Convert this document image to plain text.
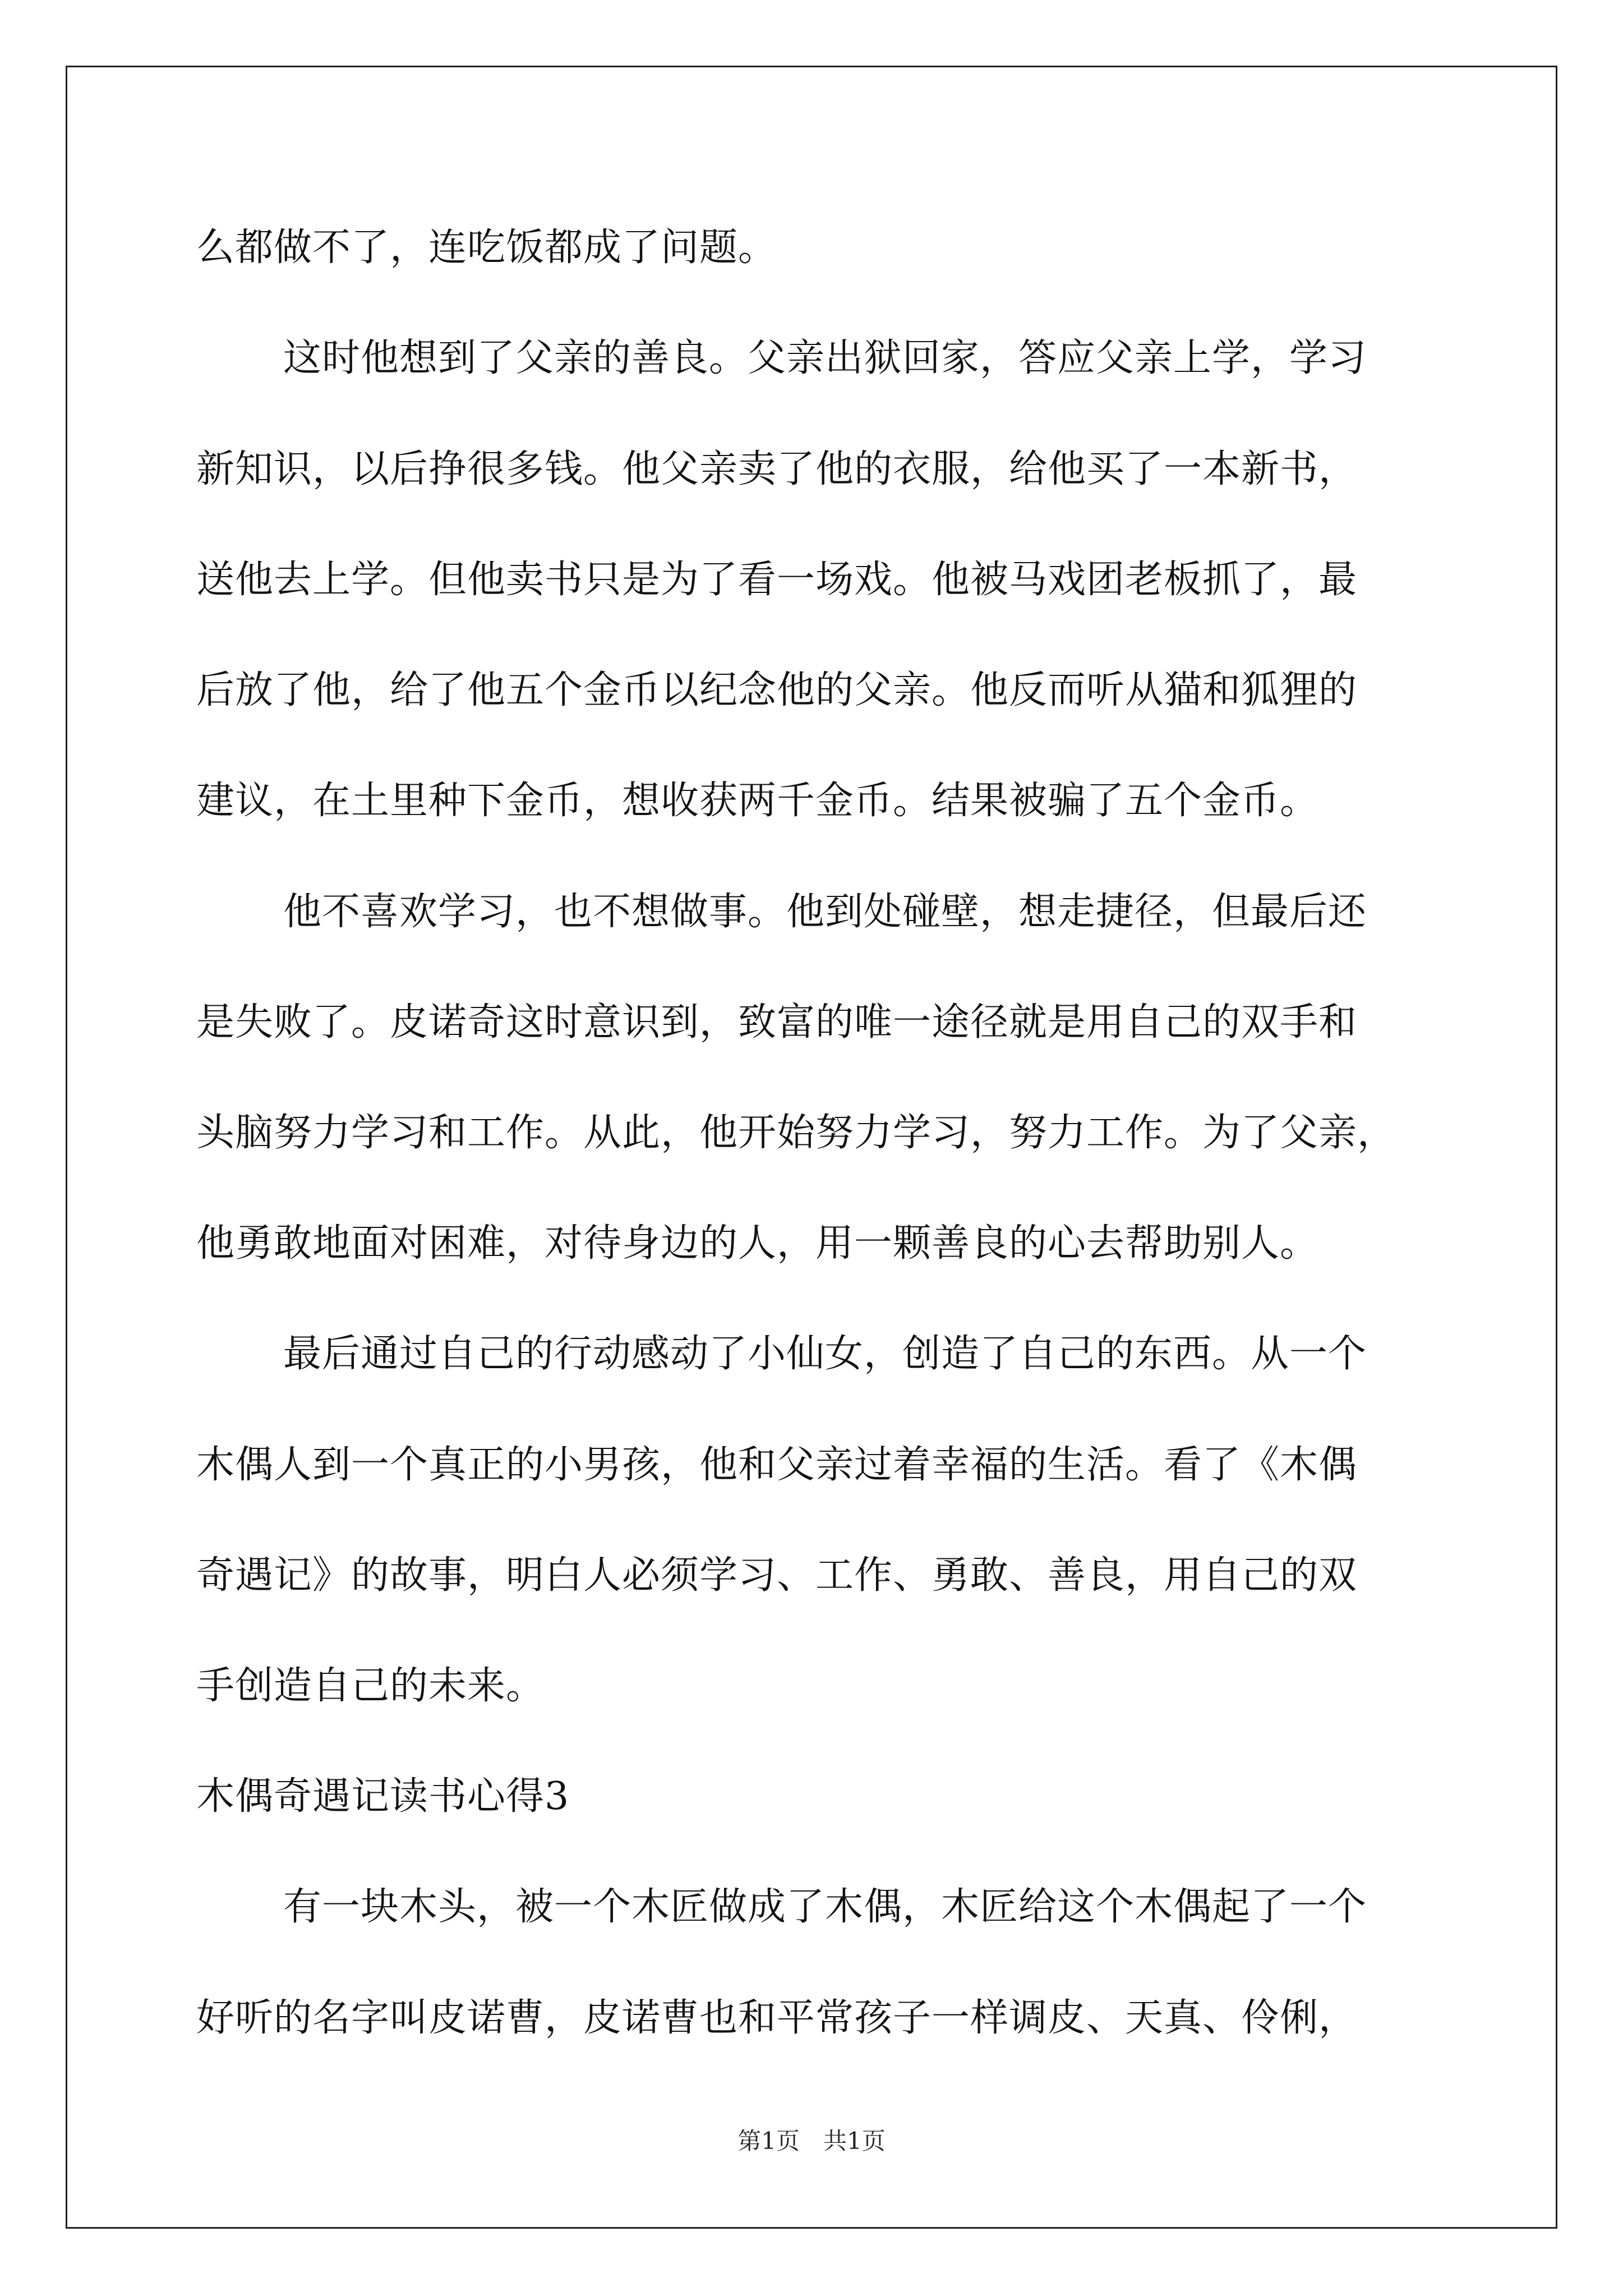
么都做不了，连吃饭都成了问题。
这时他想到了父亲的善良。父亲出狱回家，答应父亲上学，学习
新知识，以后挣很多钱。他父亲卖了他的衣服，给他买了一本新书，
送他去上学。但他卖书只是为了看一场戏。他被马戏团老板抓了，最
后放了他，给了他五个金币以纪念他的父亲。他反而听从猫和狐狸的
建议，在土里种下金币，想收获两千金币。结果被骗了五个金币。
他不喜欢学习，也不想做事。他到处碰壁，想走捷径，但最后还
是失败了。皮诺奇这时意识到，致富的唯一途径就是用自己的双手和
头脑努力学习和工作。从此，他开始努力学习，努力工作。为了父亲，
他勇敢地面对困难，对待身边的人，用一颗善良的心去帮助别人。
最后通过自己的行动感动了小仙女，创造了自己的东西。从一个
木偶人到一个真正的小男孩，他和父亲过着幸福的生活。看了《木偶
奇遇记》的故事，明白人必须学习、工作、勇敢、善良，用自己的双
手创造自己的未来。
木偶奇遇记读书心得3
有一块木头，被一个木匠做成了木偶，木匠给这个木偶起了一个
好听的名字叫皮诺曹，皮诺曹也和平常孩子一样调皮、天真、伶俐，
第1页　共1页
